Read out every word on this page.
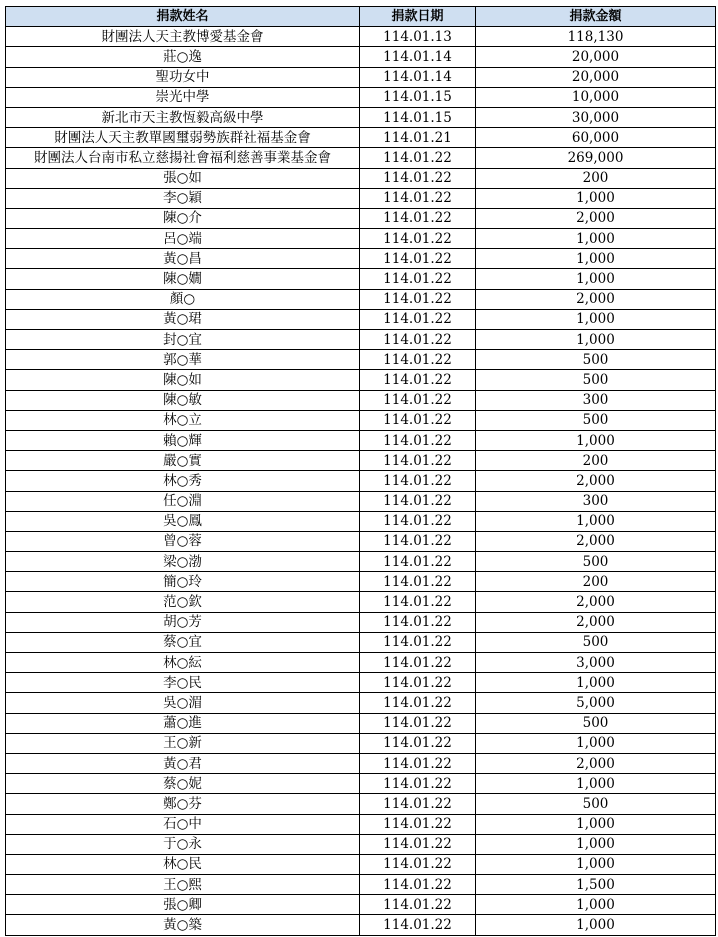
捐款姓名	捐款日期	捐款金額
財團法人天主教博愛基金會	114.01.13	118,130
莊○逸	114.01.14	20,000
聖功女中	114.01.14	20,000
崇光中學	114.01.15	10,000
新北市天主教恆毅高級中學	114.01.15	30,000
財團法人天主教單國璽弱勢族群社福基金會	114.01.21	60,000
財團法人台南市私立慈揚社會福利慈善事業基金會	114.01.22	269,000
張○如	114.01.22	200
李○穎	114.01.22	1,000
陳○介	114.01.22	2,000
呂○端	114.01.22	1,000
黃○昌	114.01.22	1,000
陳○嫺	114.01.22	1,000
顏○	114.01.22	2,000
黃○珺	114.01.22	1,000
封○宜	114.01.22	1,000
郭○華	114.01.22	500
陳○如	114.01.22	500
陳○敏	114.01.22	300
林○立	114.01.22	500
賴○輝	114.01.22	1,000
嚴○實	114.01.22	200
林○秀	114.01.22	2,000
任○淵	114.01.22	300
吳○鳳	114.01.22	1,000
曾○蓉	114.01.22	2,000
梁○渤	114.01.22	500
簡○玲	114.01.22	200
范○欽	114.01.22	2,000
胡○芳	114.01.22	2,000
蔡○宜	114.01.22	500
林○紜	114.01.22	3,000
李○民	114.01.22	1,000
吳○湄	114.01.22	5,000
蕭○進	114.01.22	500
王○新	114.01.22	1,000
黃○君	114.01.22	2,000
蔡○妮	114.01.22	1,000
鄭○芬	114.01.22	500
石○中	114.01.22	1,000
于○永	114.01.22	1,000
林○民	114.01.22	1,000
王○熙	114.01.22	1,500
張○卿	114.01.22	1,000
黃○築	114.01.22	1,000
